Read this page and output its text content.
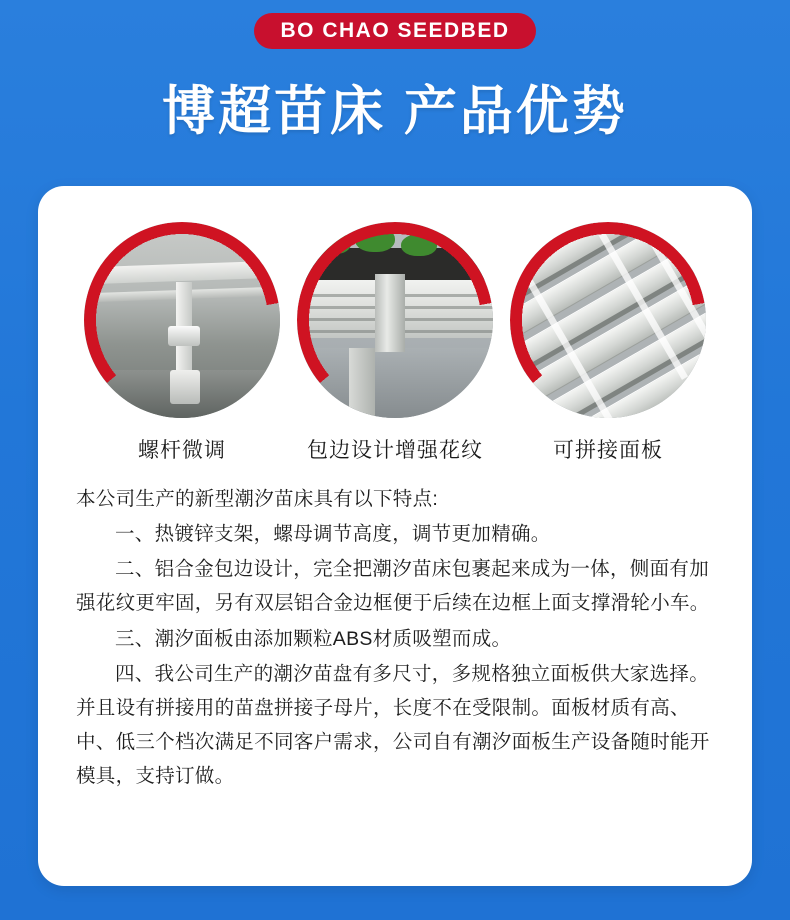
BO CHAO SEEDBED
博超苗床 产品优势
螺杆微调	包边设计增强花纹	可拼接面板

本公司生产的新型潮汐苗床具有以下特点:

一、热镀锌支架，螺母调节高度，调节更加精确。

二、铝合金包边设计，完全把潮汐苗床包裹起来成为一体，侧面有加强花纹更牢固，另有双层铝合金边框便于后续在边框上面支撑滑轮小车。

三、潮汐面板由添加颗粒ABS材质吸塑而成。

四、我公司生产的潮汐苗盘有多尺寸，多规格独立面板供大家选择。并且设有拼接用的苗盘拼接子母片，长度不在受限制。面板材质有高、中、低三个档次满足不同客户需求，公司自有潮汐面板生产设备随时能开模具，支持订做。
